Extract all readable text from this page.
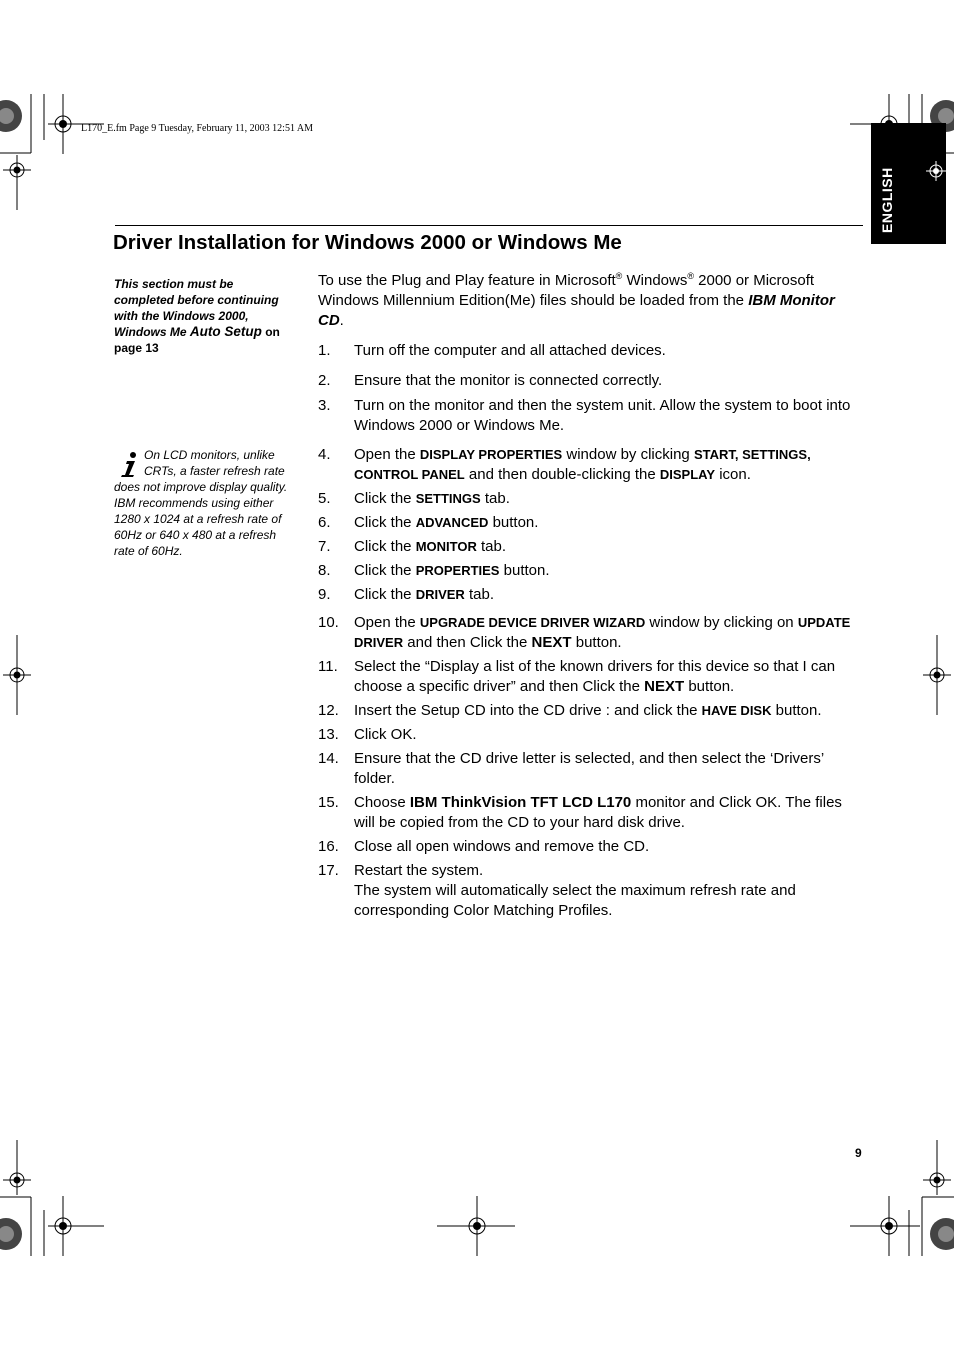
L170_E.fm Page 9 Tuesday, February 11, 2003 12:51 AM
ENGLISH
Driver Installation for Windows 2000 or Windows Me
This section must be completed before continuing with the Windows 2000, Windows Me Auto Setup on page 13
On LCD monitors, unlike CRTs, a faster refresh rate does not improve display quality. IBM recommends using either 1280 x 1024 at a refresh rate of 60Hz or 640 x 480 at a refresh rate of 60Hz.

To use the Plug and Play feature in Microsoft® Windows® 2000 or Microsoft Windows Millennium Edition(Me) files should be loaded from the IBM Monitor CD.

1. Turn off the computer and all attached devices.
2. Ensure that the monitor is connected correctly.
3. Turn on the monitor and then the system unit. Allow the system to boot into Windows 2000 or Windows Me.
4. Open the DISPLAY PROPERTIES window by clicking START, SETTINGS, CONTROL PANEL and then double-clicking the DISPLAY icon.
5. Click the SETTINGS tab.
6. Click the ADVANCED button.
7. Click the MONITOR tab.
8. Click the PROPERTIES button.
9. Click the DRIVER tab.
10. Open the UPGRADE DEVICE DRIVER WIZARD window by clicking on UPDATE DRIVER and then Click the NEXT button.
11. Select the “Display a list of the known drivers for this device so that I can choose a specific driver” and then Click the NEXT button.
12. Insert the Setup CD into the CD drive : and click the HAVE DISK button.
13. Click OK.
14. Ensure that the CD drive letter is selected, and then select the ‘Drivers’ folder.
15. Choose IBM ThinkVision TFT LCD L170 monitor and Click OK. The files will be copied from the CD to your hard disk drive.
16. Close all open windows and remove the CD.
17. Restart the system.
The system will automatically select the maximum refresh rate and corresponding Color Matching Profiles.
9
